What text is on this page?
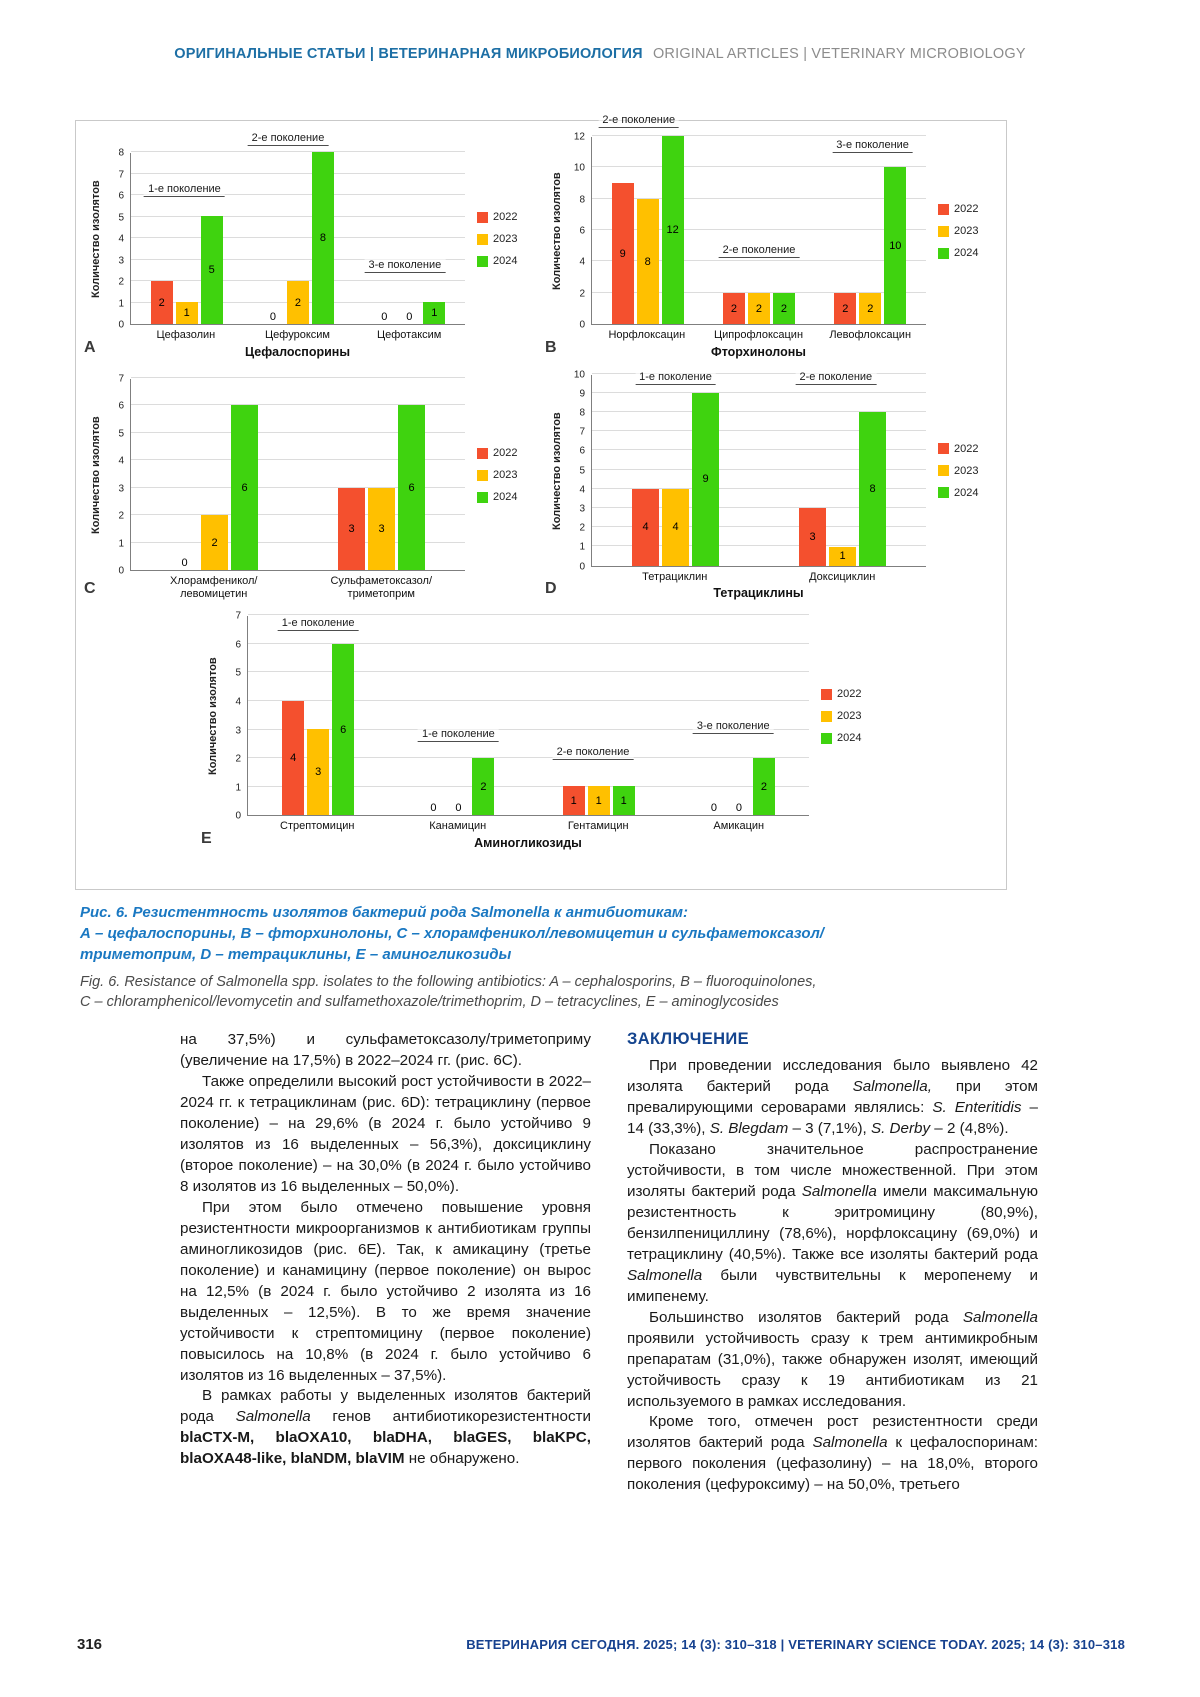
ОРИГИНАЛЬНЫЕ СТАТЬИ | ВЕТЕРИНАРНАЯ МИКРОБИОЛОГИЯ ORIGINAL ARTICLES | VETERINARY MICROBIOLOGY
Количество изолятов
0
1
2
3
4
5
6
7
8
2
1
5
0
2
8
0	0	1
1-е поколение
2-е поколение
3-е поколение
2022
2023
2024
Цефазолин	Цефуроксим	Цефотаксим
Цефалоспорины
A
Количество изолятов
0
2
4
6
8
10
12
9
8
12
2 2 2	2 2
10
2-е поколение
2-е поколение
3-е поколение
2022
2023
2024
Норфлоксацин	Ципрофлоксацин	Левофлоксацин
Фторхинолоны
B
Количество изолятов
0
1
2
3
4
5
6
7
0
2
6
3 3
6
2022
2023
2024
Хлорамфеникол/
левомицетин
Сульфаметоксазол/
триметоприм
C
Количество изолятов
0
1
2
3
4
5
6
7
8
9
10
4 4
9
3
1
8
1-е поколение	2-е поколение
2022
2023
2024
Тетрациклин	Доксициклин
Тетрациклины
D
Количество изолятов
0
1
2
3
4
5
6
7
4
3
6
0	0
2
1 1 1
0	0
2
1-е поколение
1-е поколение
2-е поколение
3-е поколение
2022
2023
2024
Стрептомицин	Канамицин	Гентамицин	Амикацин
Аминогликозиды
E
Рис. 6. Резистентность изолятов бактерий рода Salmonella к антибиотикам:
А – цефалоспорины, В – фторхинолоны, С – хлорамфеникол/левомицетин и сульфаметоксазол/
триметоприм, D – тетрациклины, Е – аминогликозиды
Fig. 6. Resistance of Salmonella spp. isolates to the following antibiotics: A – cephalosporins, B – fluoroquinolones,
C – chloramphenicol/levomycetin and sulfamethoxazole/trimethoprim, D – tetracyclines, E – aminoglycosides

на 37,5%) и сульфаметоксазолу/триметоприму (увеличение на 17,5%) в 2022–2024 гг. (рис. 6C).

Также определили высокий рост устойчивости в 2022–2024 гг. к тетрациклинам (рис. 6D): тетрациклину (первое поколение) – на 29,6% (в 2024 г. было устойчиво 9 изолятов из 16 выделенных – 56,3%), доксициклину (второе поколение) – на 30,0% (в 2024 г. было устойчиво 8 изолятов из 16 выделенных – 50,0%).

При этом было отмечено повышение уровня резистентности микроорганизмов к антибиотикам группы аминогликозидов (рис. 6E). Так, к амикацину (третье поколение) и канамицину (первое поколение) он вырос на 12,5% (в 2024 г. было устойчиво 2 изолята из 16 выделенных – 12,5%). В то же время значение устойчивости к стрептомицину (первое поколение) повысилось на 10,8% (в 2024 г. было устойчиво 6 изолятов из 16 выделенных – 37,5%).

В рамках работы у выделенных изолятов бактерий рода Salmonella генов антибиотикорезистентности blaCTX-M, blaOXA10, blaDHA, blaGES, blaKPC, blaOXA48-like, blaNDM, blaVIM не обнаружено.

ЗАКЛЮЧЕНИЕ

При проведении исследования было выявлено 42 изолята бактерий рода Salmonella, при этом превалирующими сероварами являлись: S. Enteritidis – 14 (33,3%), S. Blegdam – 3 (7,1%), S. Derby – 2 (4,8%).

Показано значительное распространение устойчивости, в том числе множественной. При этом изоляты бактерий рода Salmonella имели максимальную резистентность к эритромицину (80,9%), бензилпенициллину (78,6%), норфлоксацину (69,0%) и тетрациклину (40,5%). Также все изоляты бактерий рода Salmonella были чувствительны к меропенему и имипенему.

Большинство изолятов бактерий рода Salmonella проявили устойчивость сразу к трем антимикробным препаратам (31,0%), также обнаружен изолят, имеющий устойчивость сразу к 19 антибиотикам из 21 используемого в рамках исследования.

Кроме того, отмечен рост резистентности среди изолятов бактерий рода Salmonella к цефалоспоринам: первого поколения (цефазолину) – на 18,0%, второго поколения (цефуроксиму) – на 50,0%, третьего

316	ВЕТЕРИНАРИЯ СЕГОДНЯ. 2025; 14 (3): 310–318 | VETERINARY SCIENCE TODAY. 2025; 14 (3): 310–318
